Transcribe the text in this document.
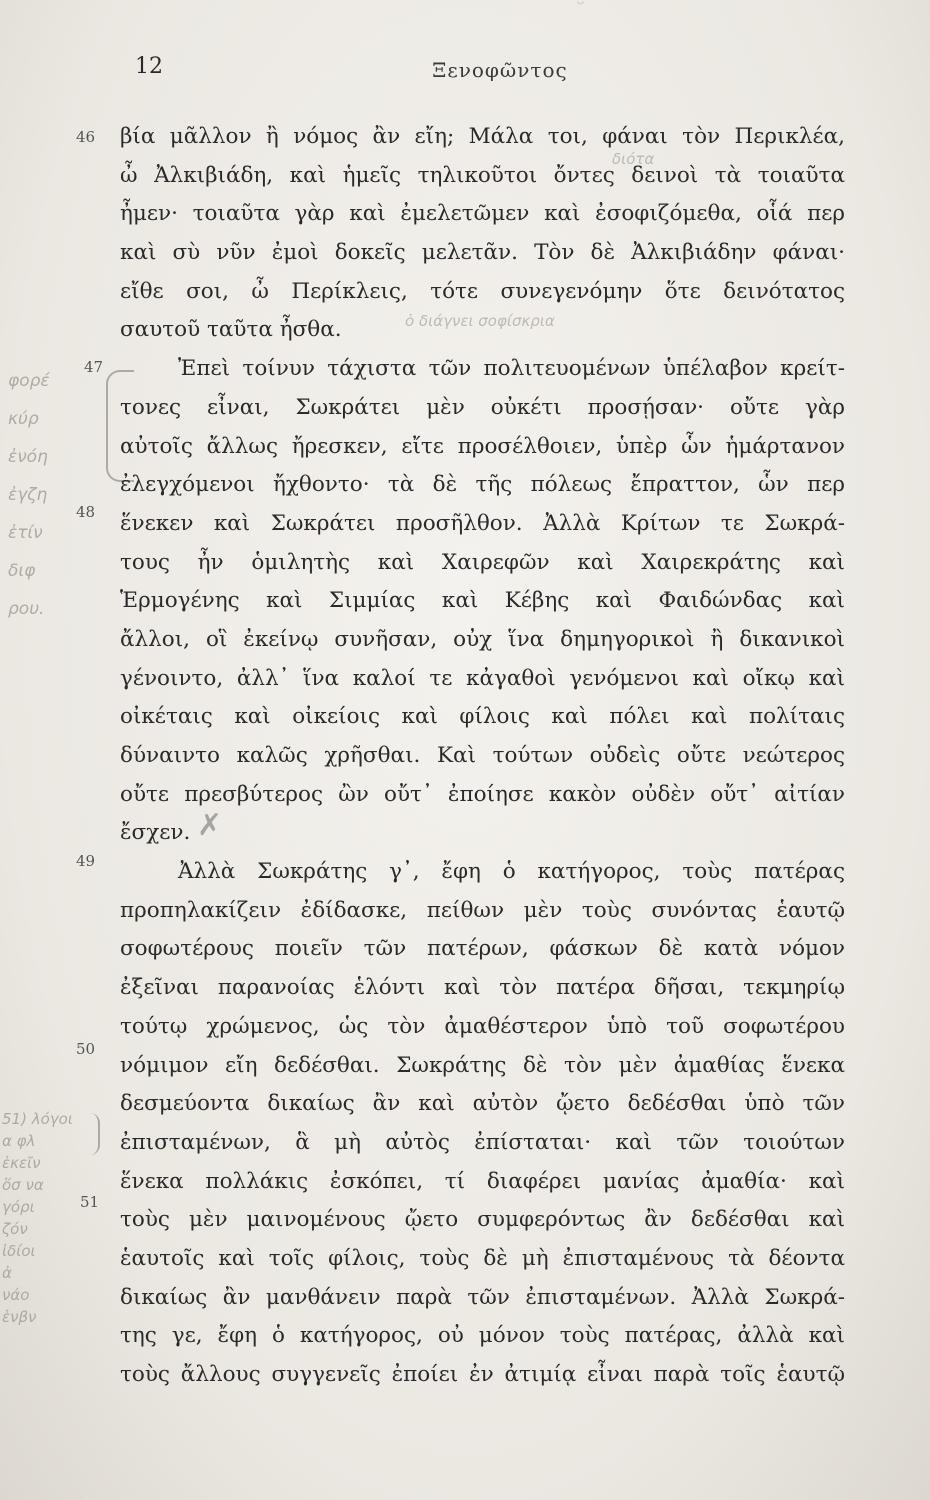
˘
12	Ξενοφῶντος
46
47
48
49
50
51
✗
φορέ
κύρ
ἐνόη
ἐγζη
ἐτίν
διφ
ρου.
51) λόγοι
α φλ
ἑκεῖν
ὅσ να
γόρι
ζόν
ἰδίοι
ἀ
νάο
ἑνβν
διότα
ὁ διάγνει σοφίσκρια
βία μᾶλλον ἢ νόμος ἂν εἴη; Μάλα τοι, φάναι τὸν Περικλέα,
ὦ Ἀλκιβιάδη, καὶ ἡμεῖς τηλικοῦτοι ὄντες δεινοὶ τὰ τοιαῦτα
ἦμεν· τοιαῦτα γὰρ καὶ ἐμελετῶμεν καὶ ἐσοφιζόμεθα, οἷά περ
καὶ σὺ νῦν ἐμοὶ δοκεῖς μελετᾶν. Τὸν δὲ Ἀλκιβιάδην φάναι·
εἴθε σοι, ὦ Περίκλεις, τότε συνεγενόμην ὅτε δεινότατος
σαυτοῦ ταῦτα ἦσθα.
Ἐπεὶ τοίνυν τάχιστα τῶν πολιτευομένων ὑπέλαβον κρείτ-
τονες εἶναι, Σωκράτει μὲν οὐκέτι προσῄσαν· οὔτε γὰρ
αὐτοῖς ἄλλως ἤρεσκεν, εἴτε προσέλθοιεν, ὑπὲρ ὧν ἡμάρτανον
ἐλεγχόμενοι ἤχθοντο· τὰ δὲ τῆς πόλεως ἔπραττον, ὧν περ
ἕνεκεν καὶ Σωκράτει προσῆλθον. Ἀλλὰ Κρίτων τε Σωκρά-
τους ἦν ὁμιλητὴς καὶ Χαιρεφῶν καὶ Χαιρεκράτης καὶ
Ἑρμογένης καὶ Σιμμίας καὶ Κέβης καὶ Φαιδώνδας καὶ
ἄλλοι, οἳ ἐκείνῳ συνῆσαν, οὐχ ἵνα δημηγορικοὶ ἢ δικανικοὶ
γένοιντο, ἀλλ᾽ ἵνα καλοί τε κἀγαθοὶ γενόμενοι καὶ οἴκῳ καὶ
οἰκέταις καὶ οἰκείοις καὶ φίλοις καὶ πόλει καὶ πολίταις
δύναιντο καλῶς χρῆσθαι. Καὶ τούτων οὐδεὶς οὔτε νεώτερος
οὔτε πρεσβύτερος ὢν οὔτ᾽ ἐποίησε κακὸν οὐδὲν οὔτ᾽ αἰτίαν
ἔσχεν.
Ἀλλὰ Σωκράτης γ᾽, ἔφη ὁ κατήγορος, τοὺς πατέρας
προπηλακίζειν ἐδίδασκε, πείθων μὲν τοὺς συνόντας ἑαυτῷ
σοφωτέρους ποιεῖν τῶν πατέρων, φάσκων δὲ κατὰ νόμον
ἐξεῖναι παρανοίας ἑλόντι καὶ τὸν πατέρα δῆσαι, τεκμηρίῳ
τούτῳ χρώμενος, ὡς τὸν ἀμαθέστερον ὑπὸ τοῦ σοφωτέρου
νόμιμον εἴη δεδέσθαι. Σωκράτης δὲ τὸν μὲν ἀμαθίας ἕνεκα
δεσμεύοντα δικαίως ἂν καὶ αὐτὸν ᾤετο δεδέσθαι ὑπὸ τῶν
ἐπισταμένων, ἃ μὴ αὐτὸς ἐπίσταται· καὶ τῶν τοιούτων
ἕνεκα πολλάκις ἐσκόπει, τί διαφέρει μανίας ἀμαθία· καὶ
τοὺς μὲν μαινομένους ᾤετο συμφερόντως ἂν δεδέσθαι καὶ
ἑαυτοῖς καὶ τοῖς φίλοις, τοὺς δὲ μὴ ἐπισταμένους τὰ δέοντα
δικαίως ἂν μανθάνειν παρὰ τῶν ἐπισταμένων. Ἀλλὰ Σωκρά-
της γε, ἔφη ὁ κατήγορος, οὐ μόνον τοὺς πατέρας, ἀλλὰ καὶ
τοὺς ἄλλους συγγενεῖς ἐποίει ἐν ἀτιμίᾳ εἶναι παρὰ τοῖς ἑαυτῷ
